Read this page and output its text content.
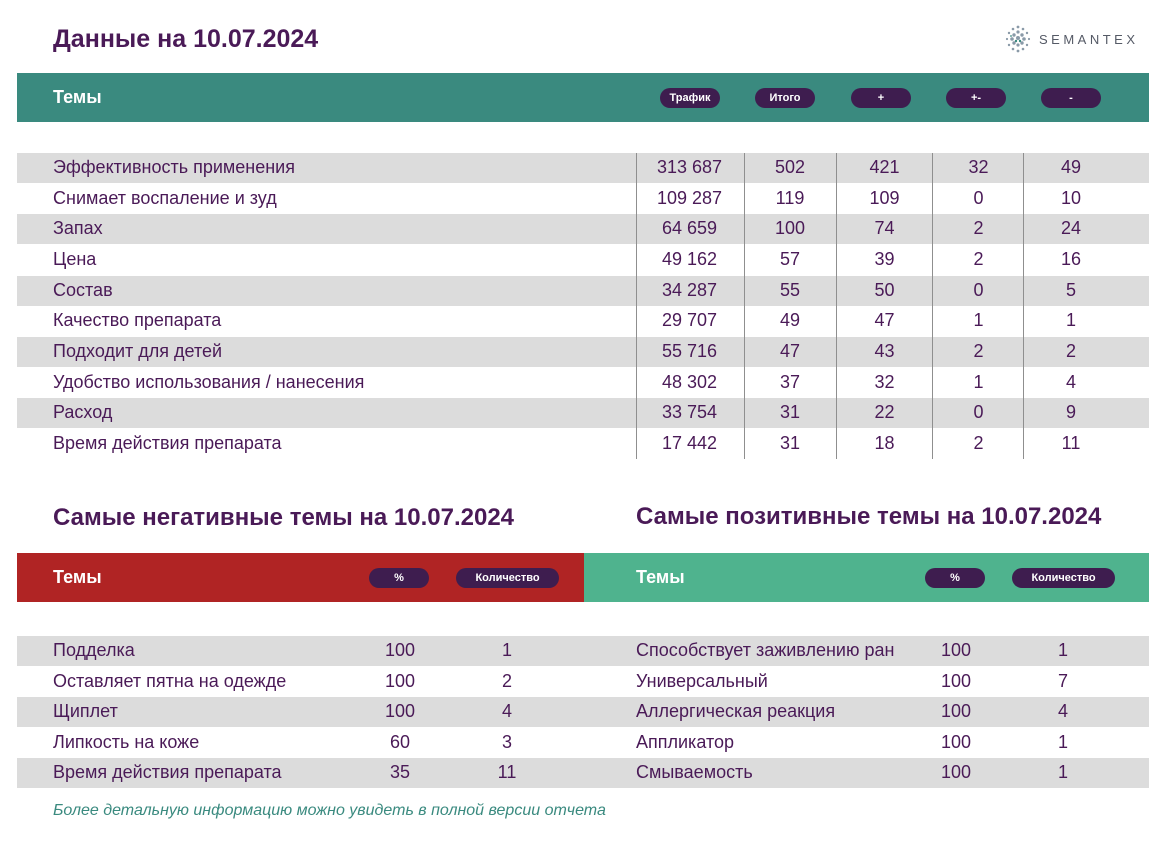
Данные на 10.07.2024	SEMANTEX
Темы	Трафик	Итого	+	+-	-
Эффективность применения	313 687	502	421	32	49
Снимает воспаление и зуд	109 287	119	109	0	10
Запах	64 659	100	74	2	24
Цена	49 162	57	39	2	16
Состав	34 287	55	50	0	5
Качество препарата	29 707	49	47	1	1
Подходит для детей	55 716	47	43	2	2
Удобство использования / нанесения	48 302	37	32	1	4
Расход	33 754	31	22	0	9
Время действия препарата	17 442	31	18	2	11
Самые негативные темы на 10.07.2024	Самые позитивные темы на 10.07.2024
Темы	%	Количество	Темы	%	Количество
Подделка	100	1	Способствует заживлению ран	100	1
Оставляет пятна на одежде	100	2	Универсальный	100	7
Щиплет	100	4	Аллергическая реакция	100	4
Липкость на коже	60	3	Аппликатор	100	1
Время действия препарата	35	11	Смываемость	100	1
Более детальную информацию можно увидеть в полной версии отчета
